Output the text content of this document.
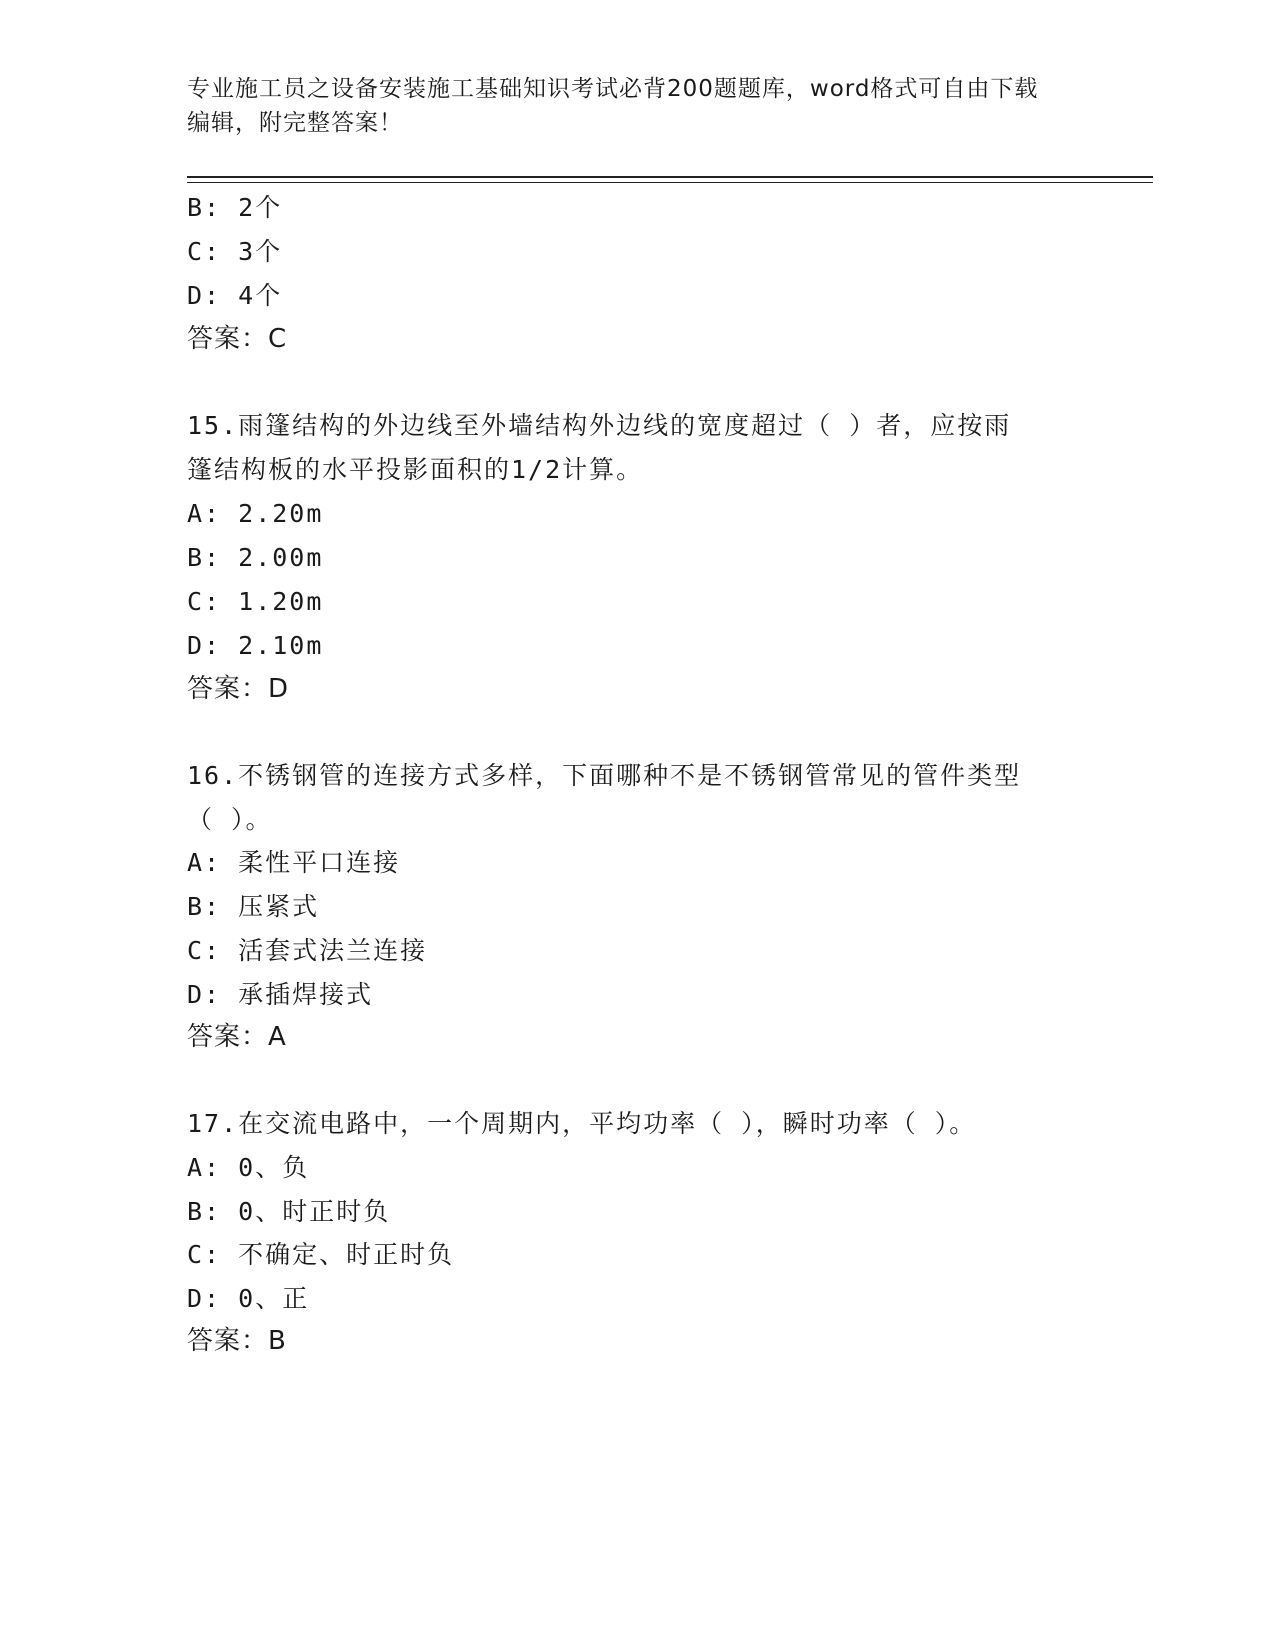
专业施工员之设备安装施工基础知识考试必背200题题库，word格式可自由下载
编辑，附完整答案！
B: 2个
C: 3个
D: 4个
答案：C
15.雨篷结构的外边线至外墙结构外边线的宽度超过（ ）者，应按雨
篷结构板的水平投影面积的1/2计算。
A: 2.20m
B: 2.00m
C: 1.20m
D: 2.10m
答案：D
16.不锈钢管的连接方式多样，下面哪种不是不锈钢管常见的管件类型
（ ）。
A: 柔性平口连接
B: 压紧式
C: 活套式法兰连接
D: 承插焊接式
答案：A
17.在交流电路中，一个周期内，平均功率（ ），瞬时功率（ ）。
A: 0、负
B: 0、时正时负
C: 不确定、时正时负
D: 0、正
答案：B
